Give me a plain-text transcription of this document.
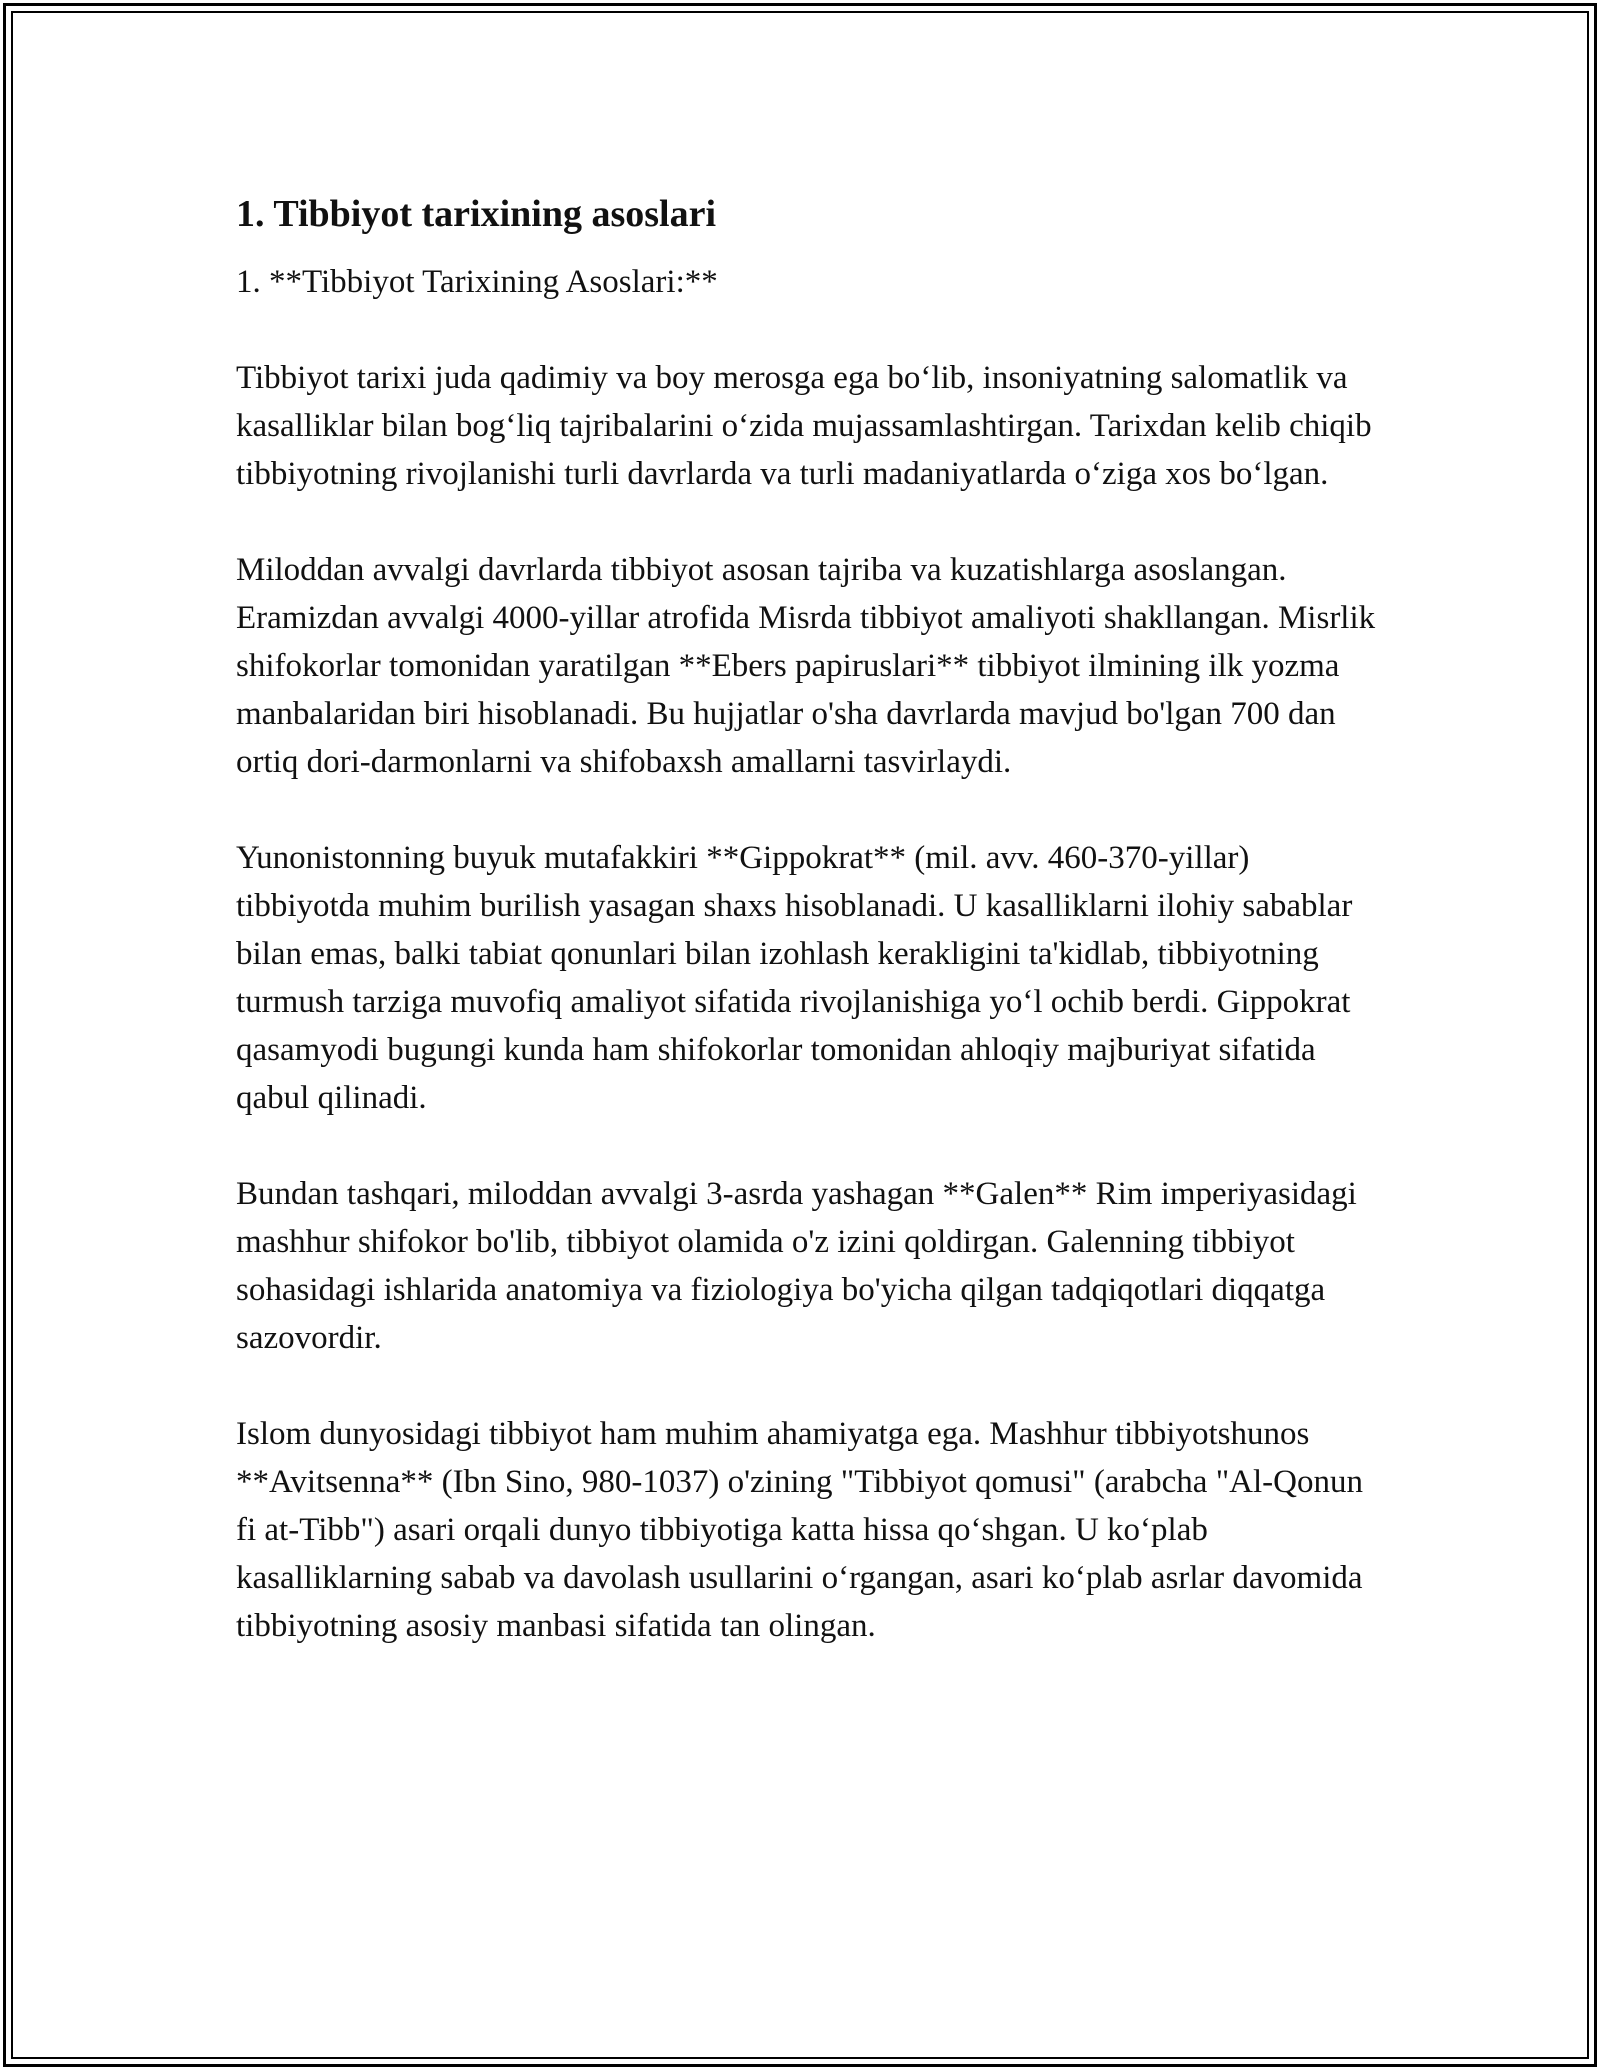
1. Tibbiyot tarixining asoslari

1. **Tibbiyot Tarixining Asoslari:**

Tibbiyot tarixi juda qadimiy va boy merosga ega boʻlib, insoniyatning salomatlik va kasalliklar bilan bogʻliq tajribalarini oʻzida mujassamlashtirgan. Tarixdan kelib chiqib tibbiyotning rivojlanishi turli davrlarda va turli madaniyatlarda oʻziga xos boʻlgan.

Miloddan avvalgi davrlarda tibbiyot asosan tajriba va kuzatishlarga asoslangan. Eramizdan avvalgi 4000-yillar atrofida Misrda tibbiyot amaliyoti shakllangan. Misrlik shifokorlar tomonidan yaratilgan **Ebers papiruslari** tibbiyot ilmining ilk yozma manbalaridan biri hisoblanadi. Bu hujjatlar o'sha davrlarda mavjud bo'lgan 700 dan ortiq dori-darmonlarni va shifobaxsh amallarni tasvirlaydi.

Yunonistonning buyuk mutafakkiri **Gippokrat** (mil. avv. 460-370-yillar) tibbiyotda muhim burilish yasagan shaxs hisoblanadi. U kasalliklarni ilohiy sabablar bilan emas, balki tabiat qonunlari bilan izohlash kerakligini ta'kidlab, tibbiyotning turmush tarziga muvofiq amaliyot sifatida rivojlanishiga yoʻl ochib berdi. Gippokrat qasamyodi bugungi kunda ham shifokorlar tomonidan ahloqiy majburiyat sifatida qabul qilinadi.

Bundan tashqari, miloddan avvalgi 3-asrda yashagan **Galen** Rim imperiyasidagi mashhur shifokor bo'lib, tibbiyot olamida o'z izini qoldirgan. Galenning tibbiyot sohasidagi ishlarida anatomiya va fiziologiya bo'yicha qilgan tadqiqotlari diqqatga sazovordir.

Islom dunyosidagi tibbiyot ham muhim ahamiyatga ega. Mashhur tibbiyotshunos **Avitsenna** (Ibn Sino, 980-1037) o'zining "Tibbiyot qomusi" (arabcha "Al-Qonun fi at-Tibb") asari orqali dunyo tibbiyotiga katta hissa qoʻshgan. U koʻplab kasalliklarning sabab va davolash usullarini oʻrgangan, asari koʻplab asrlar davomida tibbiyotning asosiy manbasi sifatida tan olingan.
